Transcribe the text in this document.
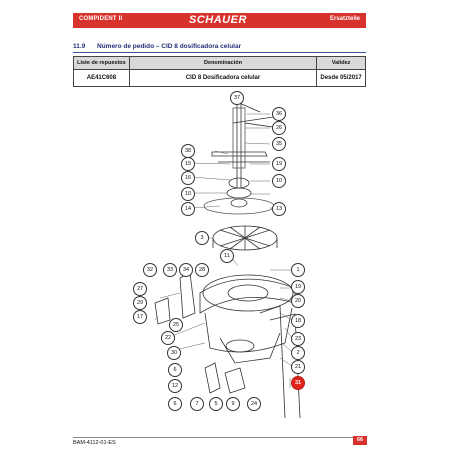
COMPIDENT II	SCHAUER	Ersatzteile
11.9 Número de pedido – CID 8 dosificadora celular
Liste de repuestos	Denominación	Validez
AE41C608	CID 8 Dosificadora celular	Desde 05/2017
37
36
26
35
38
15
16
10
14
19
10
13
3
11
1
32	33	34	28
27
29
17
25
19
20
18
23
2
21
22
30
6
12	31
6	7	5	9	24
BAM-4112-01-ES	66
